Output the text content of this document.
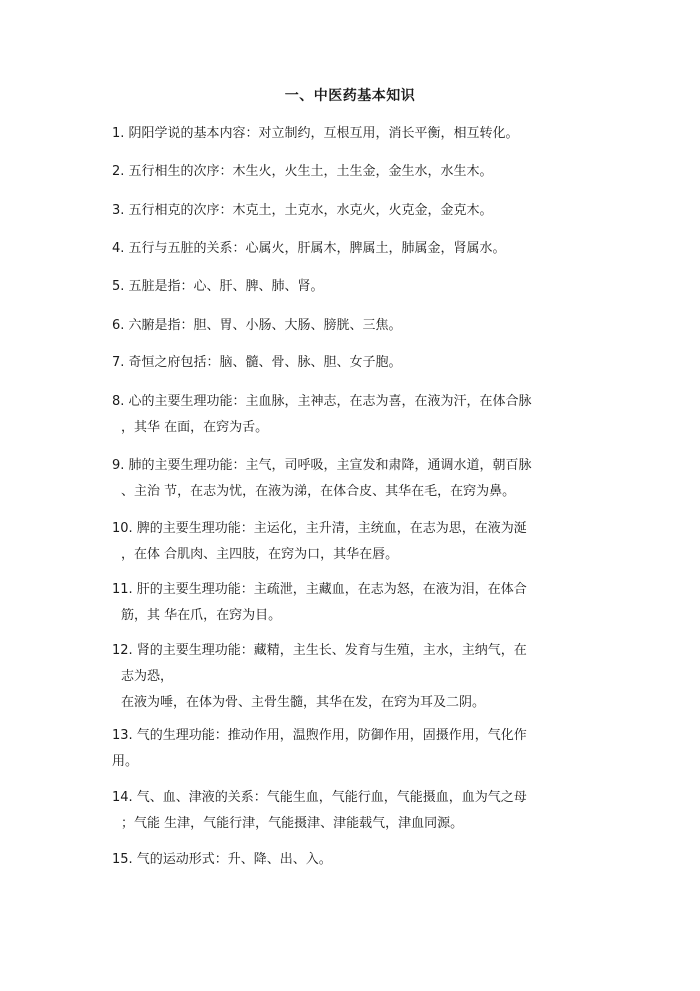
一、中医药基本知识
1. 阴阳学说的基本内容：对立制约，互根互用，消长平衡，相互转化。
2. 五行相生的次序：木生火，火生土，土生金，金生水，水生木。
3. 五行相克的次序：木克土，土克水，水克火，火克金，金克木。
4. 五行与五脏的关系：心属火，肝属木，脾属土，肺属金，肾属水。
5. 五脏是指：心、肝、脾、肺、肾。
6. 六腑是指：胆、胃、小肠、大肠、膀胱、三焦。
7. 奇恒之府包括：脑、髓、骨、脉、胆、女子胞。
8. 心的主要生理功能：主血脉，主神志，在志为喜，在液为汗，在体合脉
，其华 在面，在窍为舌。
9. 肺的主要生理功能：主气，司呼吸，主宣发和肃降，通调水道，朝百脉
、主治 节，在志为忧，在液为涕，在体合皮、其华在毛，在窍为鼻。
10. 脾的主要生理功能：主运化，主升清，主统血，在志为思，在液为涎
，在体 合肌肉、主四肢，在窍为口，其华在唇。
11. 肝的主要生理功能：主疏泄，主藏血，在志为怒，在液为泪，在体合
筋，其 华在爪，在窍为目。
12. 肾的主要生理功能：藏精，主生长、发育与生殖，主水，主纳气，在
志为恐，
在液为唾，在体为骨、主骨生髓，其华在发，在窍为耳及二阴。
13. 气的生理功能：推动作用，温煦作用，防御作用，固摄作用，气化作
用。
14. 气、血、津液的关系：气能生血，气能行血，气能摄血，血为气之母
；气能 生津，气能行津，气能摄津、津能载气，津血同源。
15. 气的运动形式：升、降、出、入。
